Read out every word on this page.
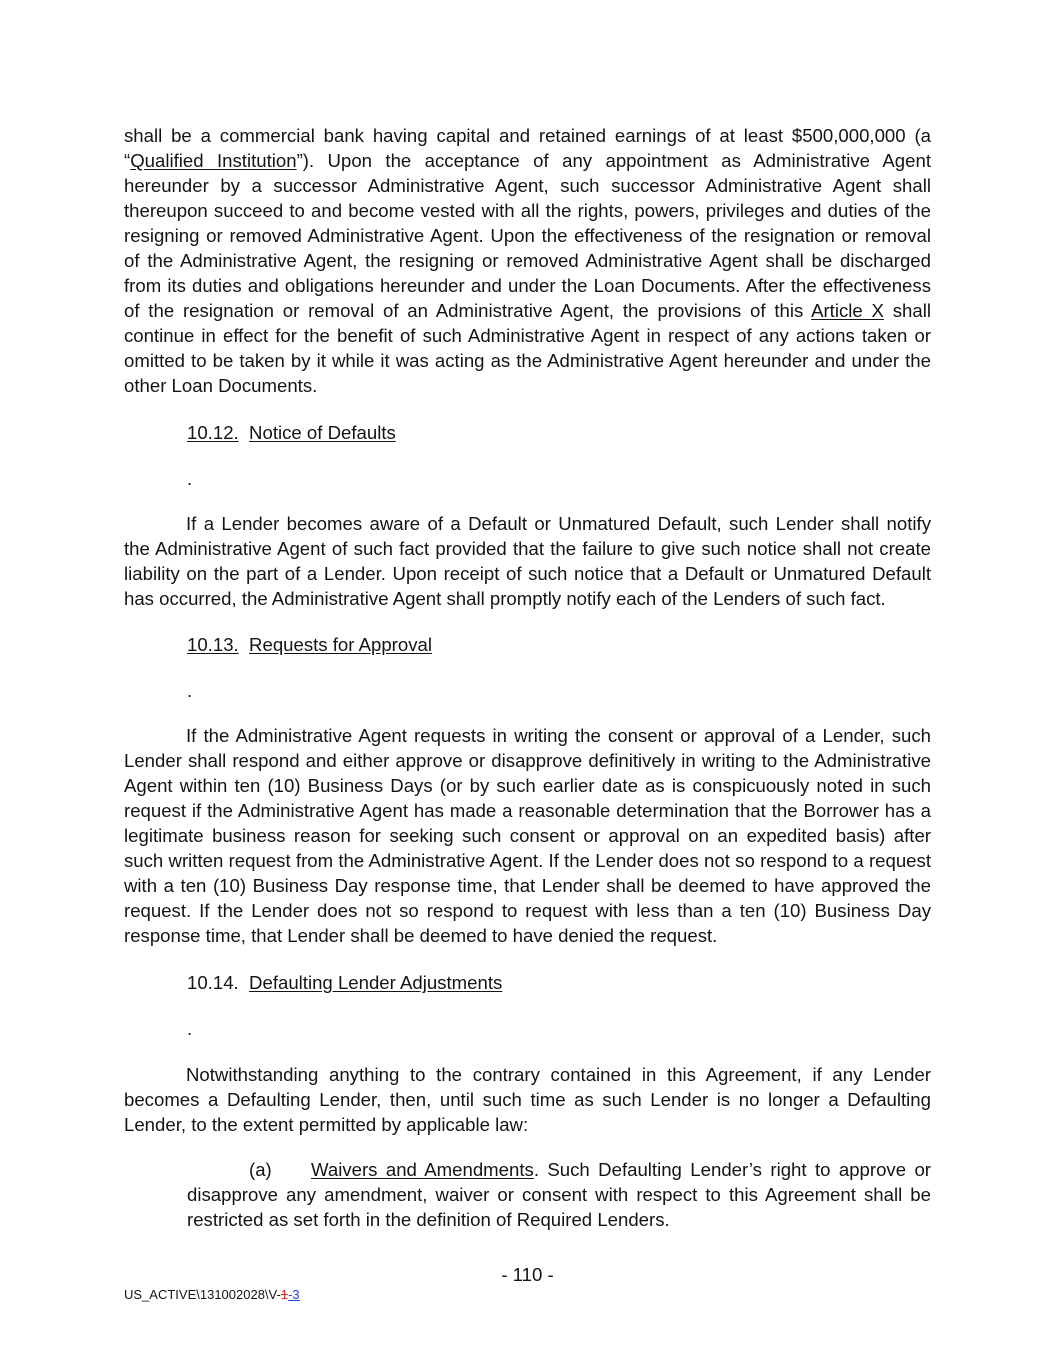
shall be a commercial bank having capital and retained earnings of at least $500,000,000 (a “Qualified Institution”). Upon the acceptance of any appointment as Administrative Agent hereunder by a successor Administrative Agent, such successor Administrative Agent shall thereupon succeed to and become vested with all the rights, powers, privileges and duties of the resigning or removed Administrative Agent. Upon the effectiveness of the resignation or removal of the Administrative Agent, the resigning or removed Administrative Agent shall be discharged from its duties and obligations hereunder and under the Loan Documents. After the effectiveness of the resignation or removal of an Administrative Agent, the provisions of this Article X shall continue in effect for the benefit of such Administrative Agent in respect of any actions taken or omitted to be taken by it while it was acting as the Administrative Agent hereunder and under the other Loan Documents.

10.12. Notice of Defaults
.

If a Lender becomes aware of a Default or Unmatured Default, such Lender shall notify the Administrative Agent of such fact provided that the failure to give such notice shall not create liability on the part of a Lender. Upon receipt of such notice that a Default or Unmatured Default has occurred, the Administrative Agent shall promptly notify each of the Lenders of such fact.

10.13. Requests for Approval
.

If the Administrative Agent requests in writing the consent or approval of a Lender, such Lender shall respond and either approve or disapprove definitively in writing to the Administrative Agent within ten (10) Business Days (or by such earlier date as is conspicuously noted in such request if the Administrative Agent has made a reasonable determination that the Borrower has a legitimate business reason for seeking such consent or approval on an expedited basis) after such written request from the Administrative Agent. If the Lender does not so respond to a request with a ten (10) Business Day response time, that Lender shall be deemed to have approved the request. If the Lender does not so respond to request with less than a ten (10) Business Day response time, that Lender shall be deemed to have denied the request.

10.14. Defaulting Lender Adjustments
.

Notwithstanding anything to the contrary contained in this Agreement, if any Lender becomes a Defaulting Lender, then, until such time as such Lender is no longer a Defaulting Lender, to the extent permitted by applicable law:

(a) Waivers and Amendments. Such Defaulting Lender’s right to approve or disapprove any amendment, waiver or consent with respect to this Agreement shall be restricted as set forth in the definition of Required Lenders.

- 110 -
US_ACTIVE\131002028\V-1-3
